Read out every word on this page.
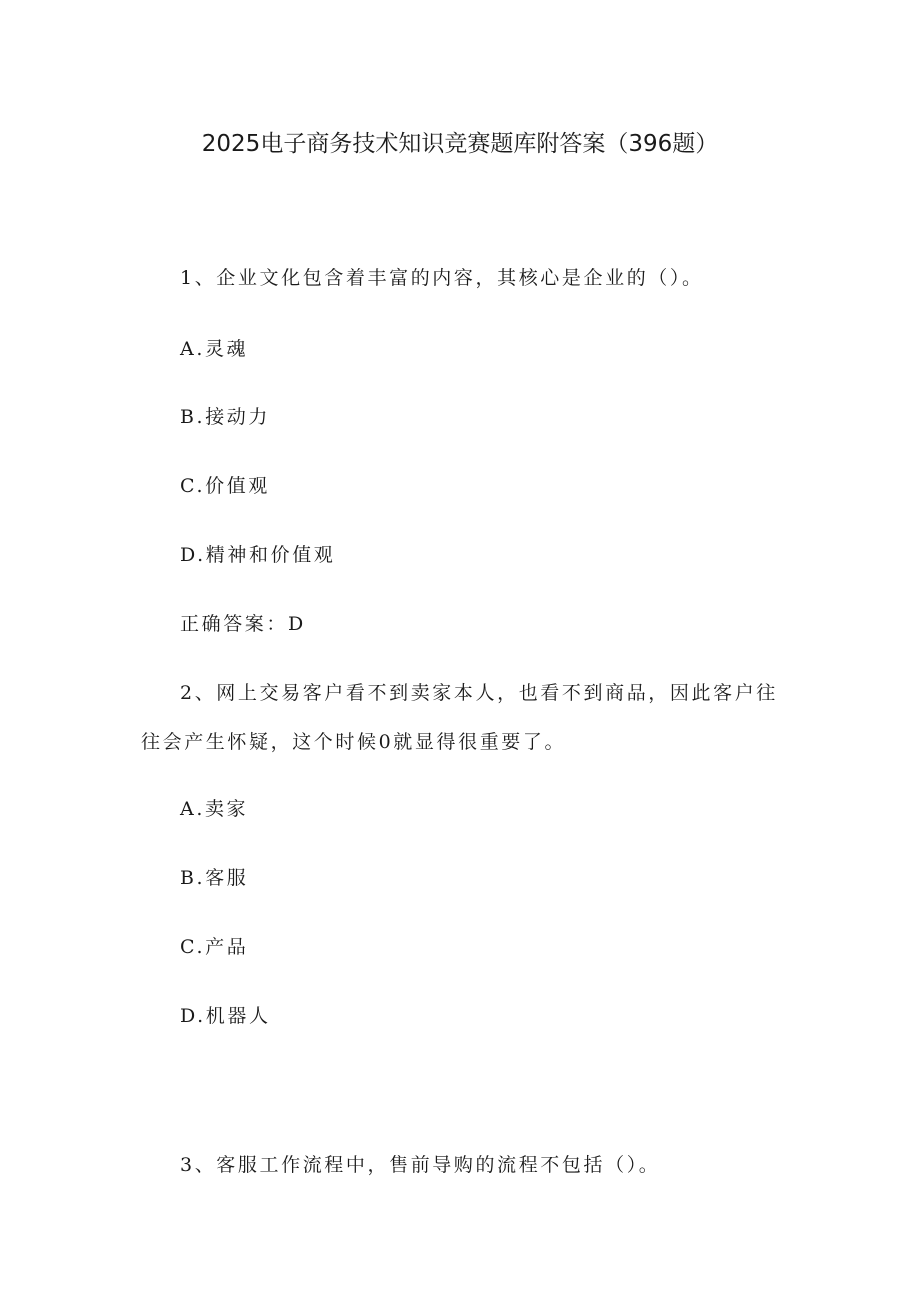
2025电子商务技术知识竞赛题库附答案（396题）
1、企业文化包含着丰富的内容，其核心是企业的（）。
A.灵魂
B.接动力
C.价值观
D.精神和价值观
正确答案：D
2、网上交易客户看不到卖家本人，也看不到商品，因此客户往
往会产生怀疑，这个时候0就显得很重要了。
A.卖家
B.客服
C.产品
D.机器人
3、客服工作流程中，售前导购的流程不包括（）。
